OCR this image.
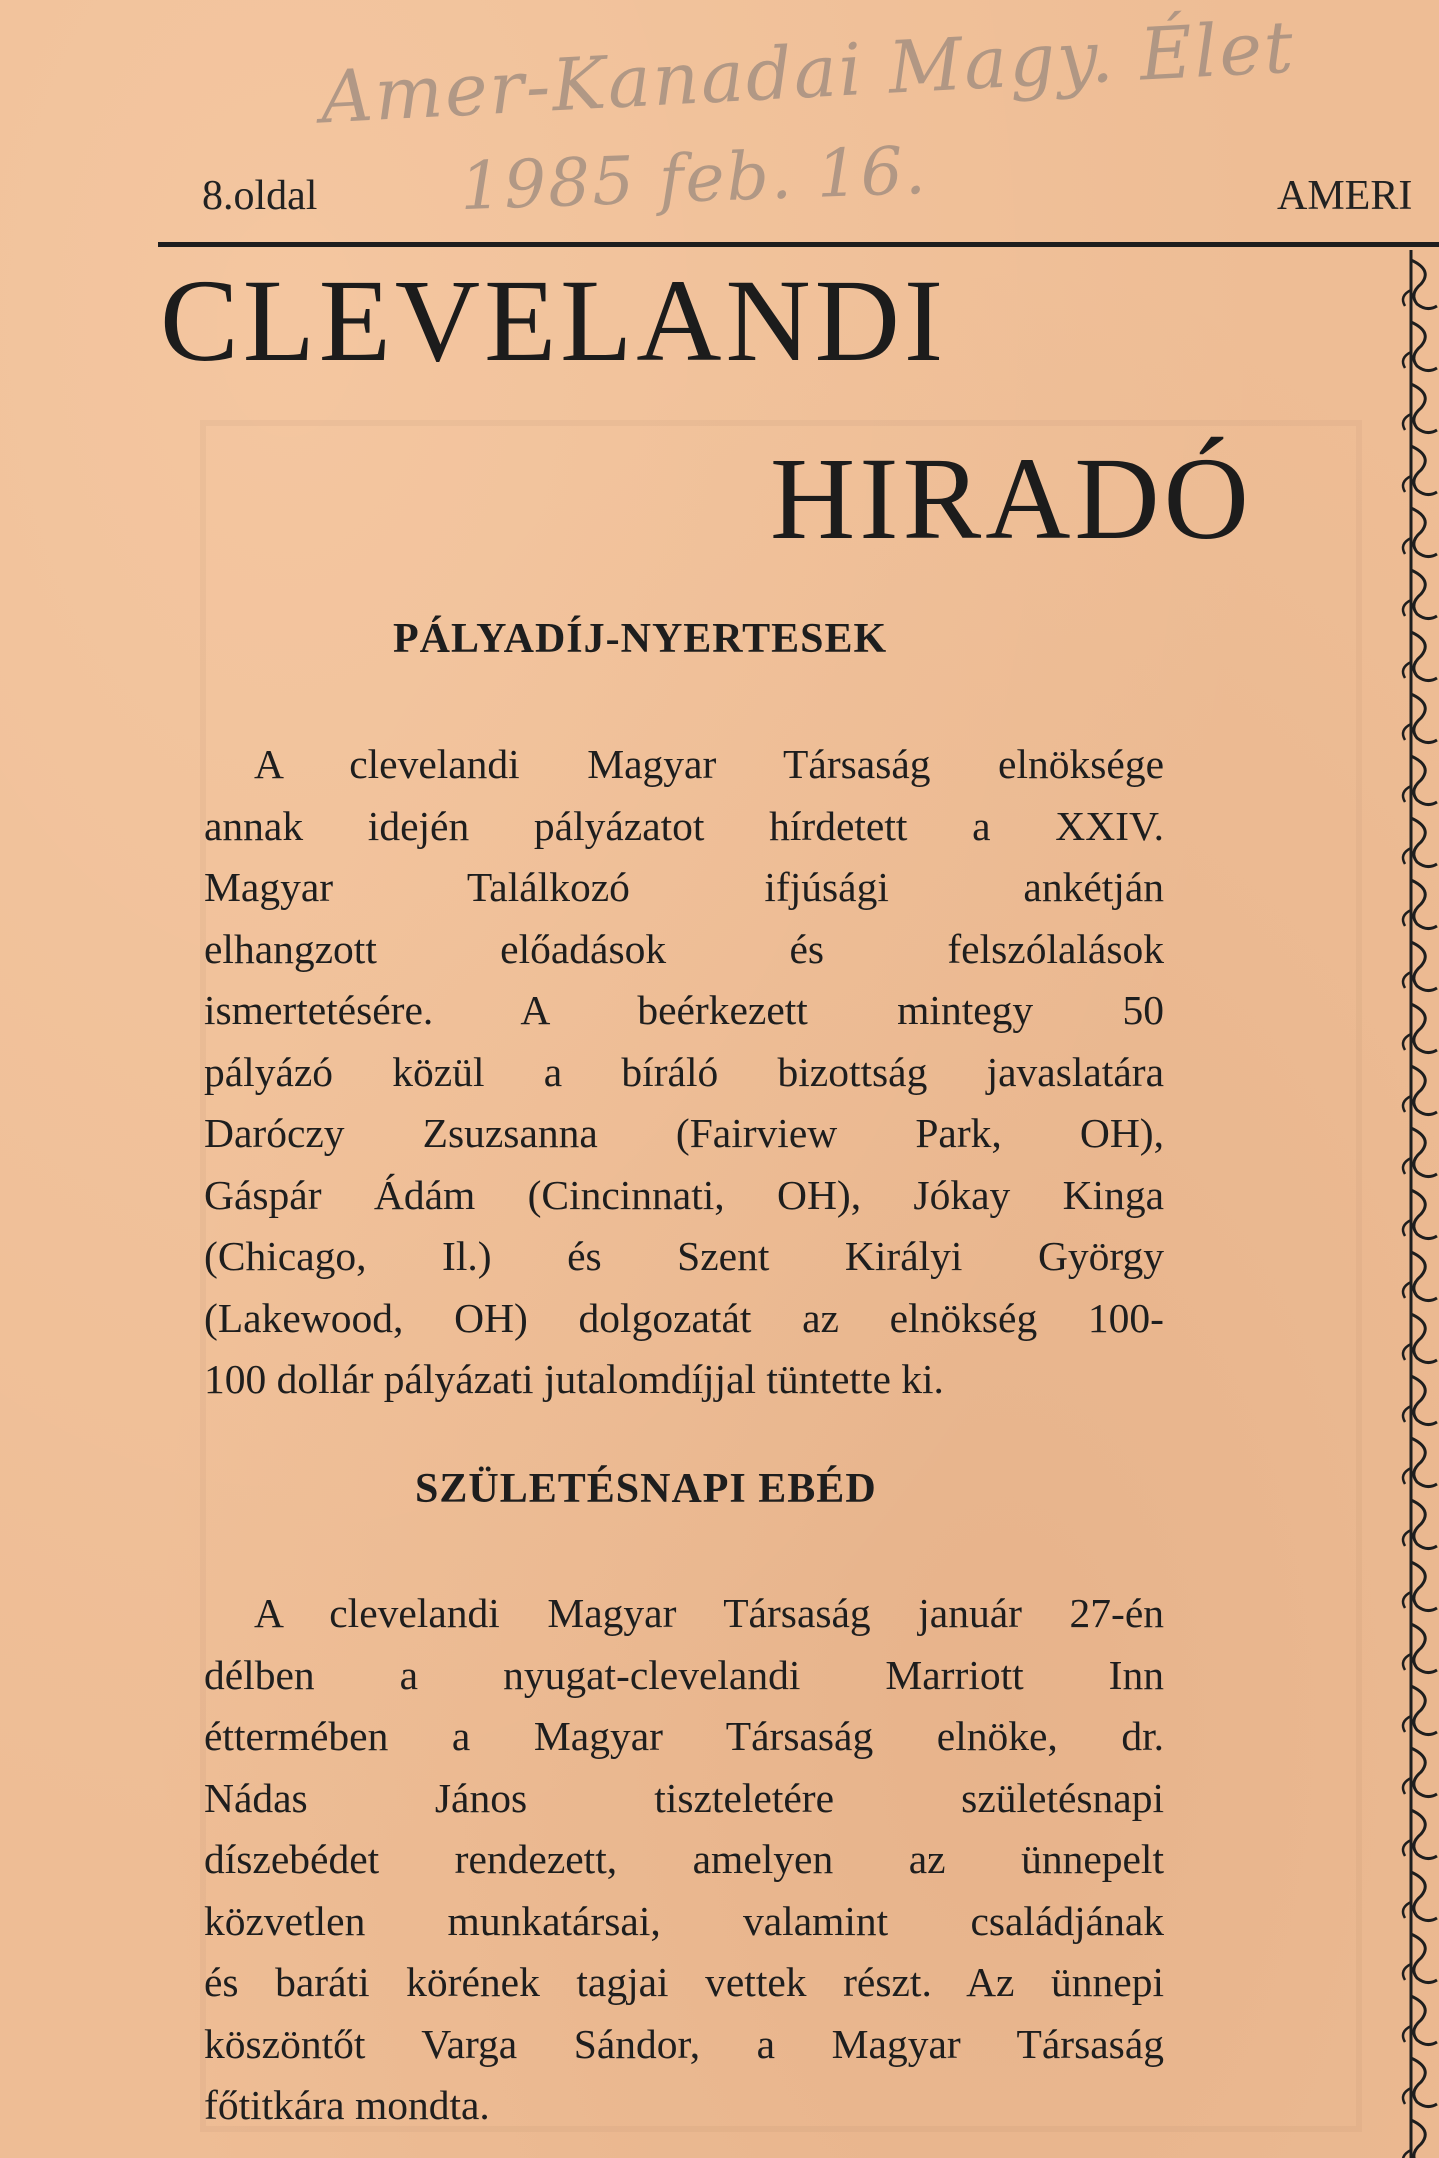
Amer-Kanadai Magy. Élet
1985 feb. 16.
8.oldal	AMERI
CLEVELANDI
HIRADÓ
PÁLYADÍJ-NYERTESEK
A clevelandi Magyar Társaság elnöksége
annak idején pályázatot hírdetett a XXIV.
Magyar Találkozó ifjúsági ankétján
elhangzott előadások és felszólalások
ismertetésére. A beérkezett mintegy 50
pályázó közül a bíráló bizottság javaslatára
Daróczy Zsuzsanna (Fairview Park, OH),
Gáspár Ádám (Cincinnati, OH), Jókay Kinga
(Chicago, Il.) és Szent Királyi György
(Lakewood, OH) dolgozatát az elnökség 100-
100 dollár pályázati jutalomdíjjal tüntette ki.
SZÜLETÉSNAPI EBÉD
A clevelandi Magyar Társaság január 27-én
délben a nyugat-clevelandi Marriott Inn
éttermében a Magyar Társaság elnöke, dr.
Nádas János tiszteletére születésnapi
díszebédet rendezett, amelyen az ünnepelt
közvetlen munkatársai, valamint családjának
és baráti körének tagjai vettek részt. Az ünnepi
köszöntőt Varga Sándor, a Magyar Társaság
főtitkára mondta.
